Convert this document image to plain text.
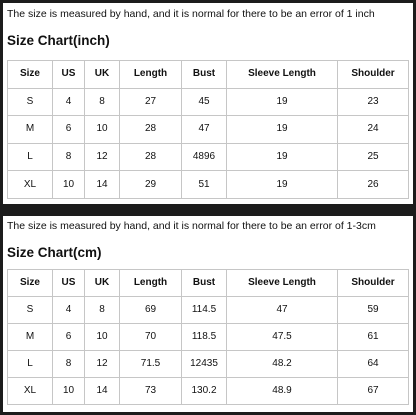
The size is measured by hand, and it is normal for there to be an error of 1 inch
Size Chart(inch)
Size	US	UK	Length	Bust	Sleeve Length	Shoulder
S	4	8	27	45	19	23
M	6	10	28	47	19	24
L	8	12	28	4896	19	25
XL	10	14	29	51	19	26
The size is measured by hand, and it is normal for there to be an error of 1-3cm
Size Chart(cm)
Size	US	UK	Length	Bust	Sleeve Length	Shoulder
S	4	8	69	114.5	47	59
M	6	10	70	118.5	47.5	61
L	8	12	71.5	12435	48.2	64
XL	10	14	73	130.2	48.9	67
